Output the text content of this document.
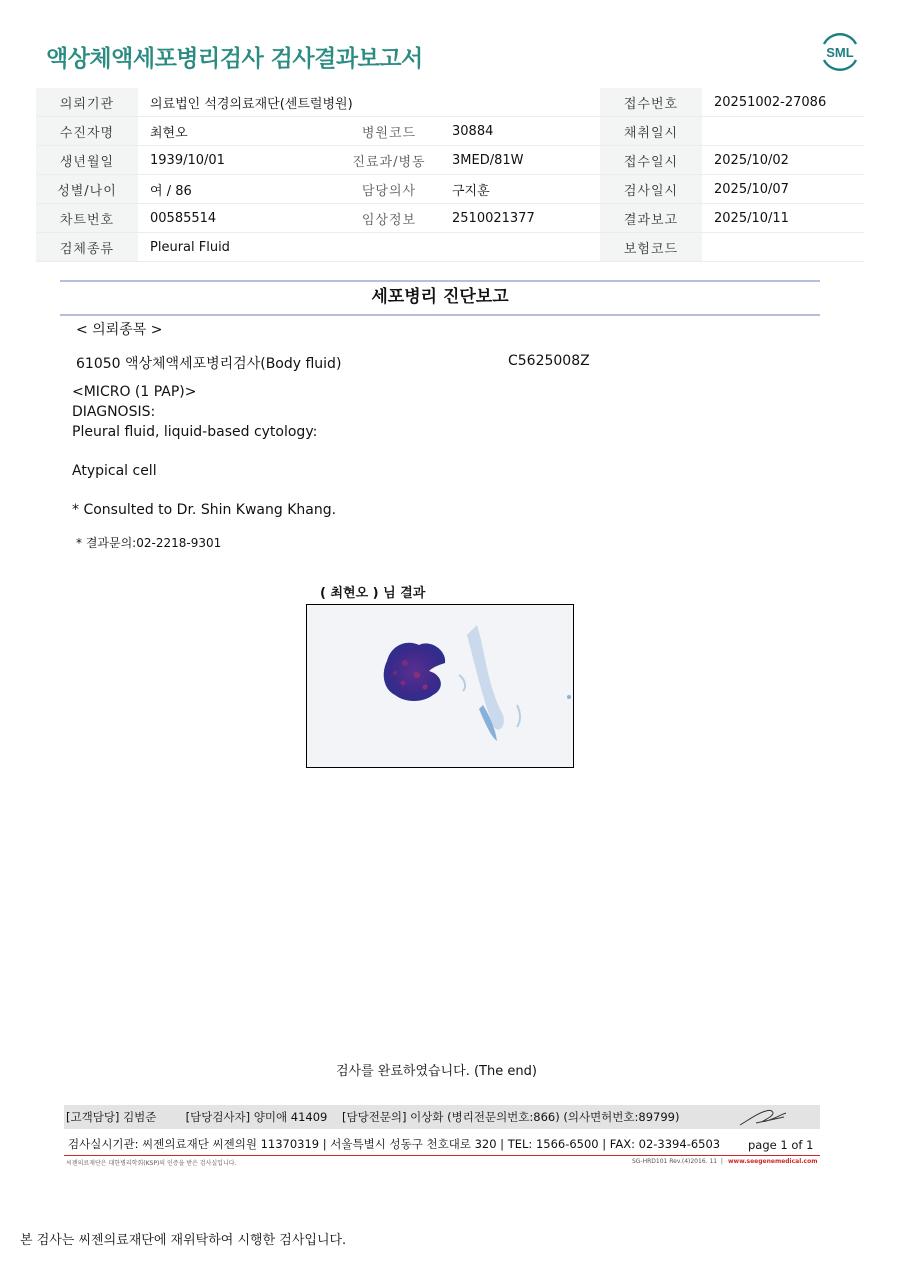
액상체액세포병리검사 검사결과보고서	SML
의뢰기관	의료법인 석경의료재단(센트럴병원)			접수번호	20251002-27086
수진자명	최현오	병원코드	30884	채취일시	
생년월일	1939/10/01	진료과/병동	3MED/81W	접수일시	2025/10/02
성별/나이	여 / 86	담당의사	구지훈	검사일시	2025/10/07
차트번호	00585514	임상정보	2510021377	결과보고	2025/10/11
검체종류	Pleural Fluid			보험코드	
세포병리 진단보고
< 의뢰종목 >
61050 액상체액세포병리검사(Body fluid)	C5625008Z
<MICRO (1 PAP)>
DIAGNOSIS:
Pleural fluid, liquid-based cytology:
Atypical cell
* Consulted to Dr. Shin Kwang Khang.
* 결과문의:02-2218-9301
( 최현오 ) 님 결과
검사를 완료하였습니다. (The end)
[고객담당] 김범준        [담당검사자] 양미애 41409    [담당전문의] 이상화 (병리전문의번호:866) (의사면허번호:89799)
검사실시기관: 씨젠의료재단 씨젠의원 11370319 | 서울특별시 성동구 천호대로 320 | TEL: 1566-6500 | FAX: 02-3394-6503 page 1 of 1
씨젠의료재단은 대한병리학회(KSP)의 인증을 받은 검사실입니다.	SG-HRD101 Rev.(4)2016. 11  | www.seegenemedical.com
본 검사는 씨젠의료재단에 재위탁하여 시행한 검사입니다.
